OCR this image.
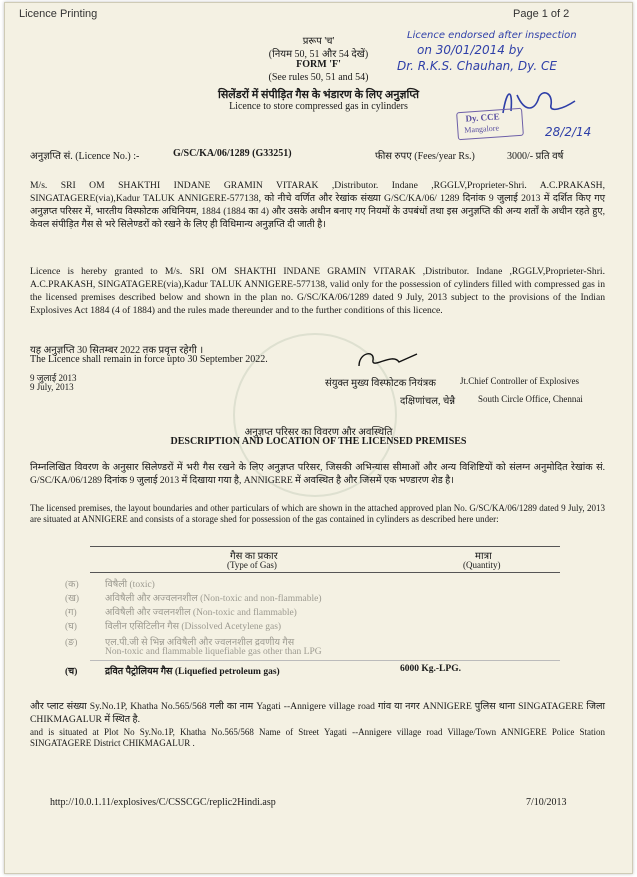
Licence Printing	Page 1 of 2
प्ररूप 'च'
(नियम 50, 51 और 54 देखें)
FORM 'F'
(See rules 50, 51 and 54)
सिलेंडरों में संपीड़ित गैस के भंडारण के लिए अनुज्ञप्ति
Licence to store compressed gas in cylinders
Licence endorsed after inspection
on 30/01/2014 by
Dr. R.K.S. Chauhan, Dy. CE
Dy. CCE
Mangalore	28/2/14
अनुज्ञप्ति सं. (Licence No.) :-	G/SC/KA/06/1289 (G33251)	फीस रुपए (Fees/year Rs.)	3000/- प्रति वर्ष
M/s. SRI OM SHAKTHI INDANE GRAMIN VITARAK ,Distributor. Indane ,RGGLV,Proprieter-Shri. A.C.PRAKASH, SINGATAGERE(via),Kadur TALUK ANNIGERE-577138, को नीचे वर्णित और रेखांक संख्या G/SC/KA/06/ 1289 दिनांक 9 जुलाई 2013 में दर्शित किए गए अनुज्ञप्त परिसर में, भारतीय विस्फोटक अधिनियम, 1884 (1884 का 4) और उसके अधीन बनाए गए नियमों के उपबंधों तथा इस अनुज्ञप्ति की अन्य शर्तों के अधीन रहते हुए, केवल संपीड़ित गैस से भरे सिलेण्डरों को रखने के लिए ही विधिमान्य अनुज्ञप्ति दी जाती है।
Licence is hereby granted to M/s. SRI OM SHAKTHI INDANE GRAMIN VITARAK ,Distributor. Indane ,RGGLV,Proprieter-Shri. A.C.PRAKASH, SINGATAGERE(via),Kadur TALUK ANNIGERE-577138, valid only for the possession of cylinders filled with compressed gas in the licensed premises described below and shown in the plan no. G/SC/KA/06/1289 dated 9 July, 2013 subject to the provisions of the Indian Explosives Act 1884 (4 of 1884) and the rules made thereunder and to the further conditions of this licence.
यह अनुज्ञप्ति 30 सितम्बर 2022 तक प्रवृत्त रहेगी ।
The Licence shall remain in force upto 30 September 2022.
9 जुलाई 2013
9 July, 2013	संयुक्त मुख्य विस्फोटक नियंत्रक	Jt.Chief Controller of Explosives
दक्षिणांचल, चेन्नै	South Circle Office, Chennai
अनुज्ञप्त परिसर का विवरण और अवस्थिति
DESCRIPTION AND LOCATION OF THE LICENSED PREMISES
निम्नलिखित विवरण के अनुसार सिलेण्डरों में भरी गैस रखने के लिए अनुज्ञप्त परिसर, जिसकी अभिन्यास सीमाओं और अन्य विशिष्टियों को संलग्न अनुमोदित रेखांक सं. G/SC/KA/06/1289 दिनांक 9 जुलाई 2013 में दिखाया गया है, ANNIGERE में अवस्थित है और जिसमें एक भण्डारण शेड है।
The licensed premises, the layout boundaries and other particulars of which are shown in the attached approved plan No. G/SC/KA/06/1289 dated 9 July, 2013 are situated at ANNIGERE and consists of a storage shed for possession of the gas contained in cylinders as described here under:
गैस का प्रकार
(Type of Gas)
मात्रा
(Quantity)
(क)	विषैली (toxic)
(ख)	अविषैली और अज्वलनशील (Non-toxic and non-flammable)
(ग)	अविषैली और ज्वलनशील (Non-toxic and flammable)
(घ)	विलीन एसिटिलीन गैस (Dissolved Acetylene gas)
(ङ)	एल.पी.जी से भिन्न अविषैली और ज्वलनशील द्रवणीय गैस
Non-toxic and flammable liquefiable gas other than LPG
(च)	द्रवित पैट्रोलियम गैस (Liquefied petroleum gas)	6000 Kg.-LPG.
और प्लाट संख्या Sy.No.1P, Khatha No.565/568 गली का नाम Yagati --Annigere village road गांव या नगर ANNIGERE पुलिस थाना SINGATAGERE जिला CHIKMAGALUR में स्थित है.
and is situated at Plot No Sy.No.1P, Khatha No.565/568 Name of Street Yagati --Annigere village road Village/Town ANNIGERE Police Station SINGATAGERE District CHIKMAGALUR .
http://10.0.1.11/explosives/C/CSSCGC/replic2Hindi.asp	7/10/2013
